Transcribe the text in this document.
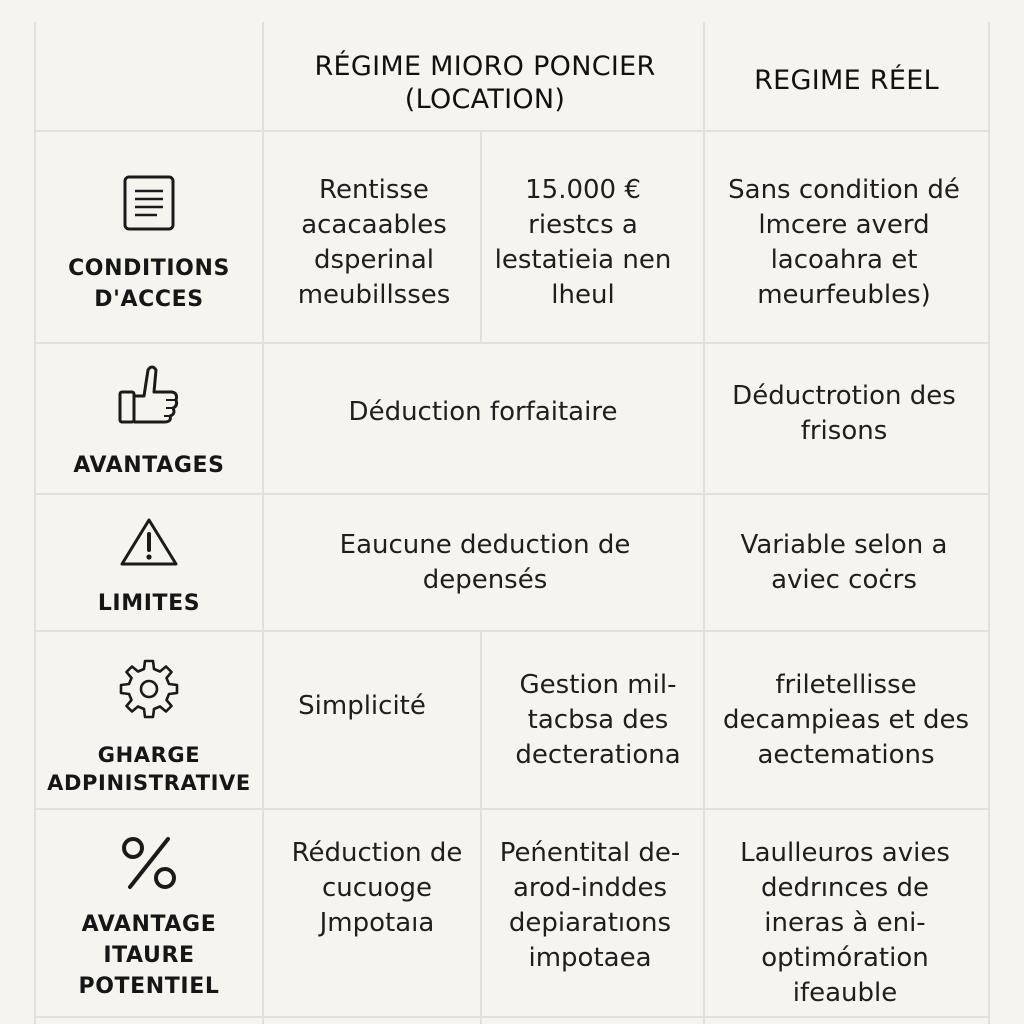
RÉGIME MIORO PONCIER (LOCATION)
REGIME RÉEL
CONDITIONS
D'ACCES
Rentisse acacaables dsperinal meubillsses
15.000 € riestcs a lestatieia nen lheul
Sans condition dé lmcere averd lacoahra et meurfeubles)
AVANTAGES
Déduction forfaitaire
Déductrotion des frisons
LIMITES
Eaucune deduction de depensés
Variable selon a aviec coċrs
GHARGE
ADPINISTRATIVE
Simplicité
Gestion mil-tacbsa des decterationa
friletellisse decampieas et des aectemations
AVANTAGE
ITAURE
POTENTIEL
Réduction de cucuoge Jmpotaıa
Peńentital de-arod-inddes depiaratıons impotaea
Laulleuros avies dedrınces de ineras à eni-optimóration ifeauble
